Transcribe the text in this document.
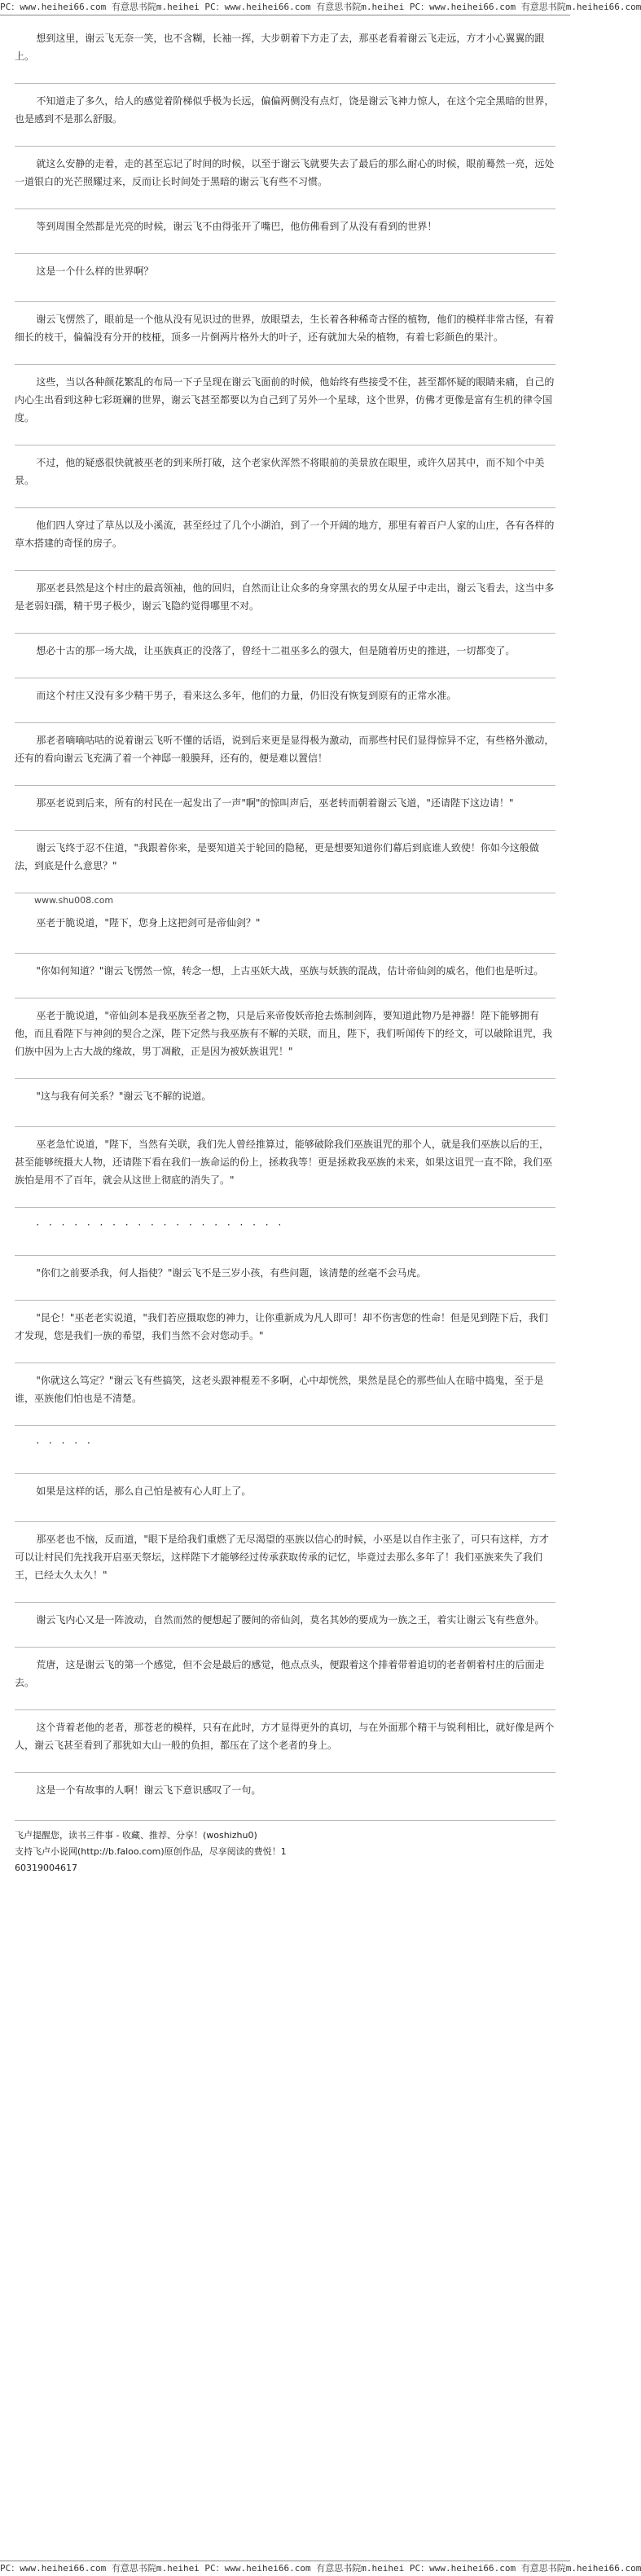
PC：www.heihei66.com 有意思书院m.heihei PC：www.heihei66.com 有意思书院m.heihei PC：www.heihei66.com 有意思书院m.heihei66.com
想到这里，谢云飞无奈一笑，也不含糊，长袖一挥，大步朝着下方走了去，那巫老看着谢云飞走远，方才小心翼翼的跟上。
不知道走了多久，给人的感觉着阶梯似乎极为长远，偏偏两侧没有点灯，饶是谢云飞神力惊人，在这个完全黑暗的世界，也是感到不是那么舒服。
就这么安静的走着，走的甚至忘记了时间的时候，以至于谢云飞就要失去了最后的那么耐心的时候，眼前蓦然一亮，远处一道银白的光芒照耀过来，反而让长时间处于黑暗的谢云飞有些不习惯。
等到周围全然都是光亮的时候，谢云飞不由得张开了嘴巴，他仿佛看到了从没有看到的世界！
这是一个什么样的世界啊？
谢云飞愣然了，眼前是一个他从没有见识过的世界，放眼望去，生长着各种稀奇古怪的植物，他们的模样非常古怪，有着细长的枝干，偏偏没有分开的枝桠，顶多一片倒两片格外大的叶子，还有就加大朵的植物，有着七彩颜色的果汁。
这些，当以各种颜花繁乱的布局一下子呈现在谢云飞面前的时候，他始终有些接受不住，甚至都怀疑的眼睛来痛，自己的内心生出看到这种七彩斑斓的世界，谢云飞甚至都要以为自己到了另外一个星球，这个世界，仿佛才更像是富有生机的律令国度。
不过，他的疑惑很快就被巫老的到来所打破，这个老家伙浑然不将眼前的美景放在眼里，或许久居其中，而不知个中美景。
他们四人穿过了草丛以及小溪流，甚至经过了几个小湖泊，到了一个开阔的地方，那里有着百户人家的山庄，各有各样的草木搭建的奇怪的房子。
那巫老县然是这个村庄的最高领袖，他的回归，自然而让让众多的身穿黑衣的男女从屋子中走出，谢云飞看去，这当中多是老弱妇孺，精干男子极少，谢云飞隐约觉得哪里不对。
想必十古的那一场大战，让巫族真正的没落了，曾经十二祖巫多么的强大，但是随着历史的推进，一切都变了。
而这个村庄又没有多少精干男子，看来这么多年，他们的力量，仍旧没有恢复到原有的正常水准。
那老者嘀嘀咕咕的说着谢云飞听不懂的话语，说到后来更是显得极为激动，而那些村民们显得惊异不定，有些格外激动，还有的看向谢云飞充满了着一个神邸一般膜拜，还有的，便是难以置信！
那巫老说到后来，所有的村民在一起发出了一声"啊"的惊叫声后，巫老转而朝着谢云飞道，"还请陛下这边请！"
谢云飞终于忍不住道，"我跟着你来，是要知道关于轮回的隐秘，更是想要知道你们幕后到底谁人致使！你如今这般做法，到底是什么意思？"
www.shu008.com
巫老于脆说道，"陛下，您身上这把剑可是帝仙剑？"
"你如何知道？"谢云飞愣然一惊，转念一想，上古巫妖大战，巫族与妖族的混战，估计帝仙剑的威名，他们也是听过。
巫老于脆说道，"帝仙剑本是我巫族至者之物，只是后来帝俊妖帝抢去炼制剑阵，要知道此物乃是神器！陛下能够拥有他，而且看陛下与神剑的契合之深，陛下定然与我巫族有不解的关联，而且，陛下，我们听闻传下的经文，可以破除诅咒，我们族中因为上古大战的缘故，男丁凋敝，正是因为被妖族诅咒！"
"这与我有何关系？"谢云飞不解的说道。
巫老急忙说道，"陛下，当然有关联，我们先人曾经推算过，能够破除我们巫族诅咒的那个人，就是我们巫族以后的王，甚至能够统摄大人物，还请陛下看在我们一族命运的份上，拯救我等！更是拯救我巫族的未来，如果这诅咒一直不除，我们巫族怕是用不了百年，就会从这世上彻底的消失了。"
· · · · · · · · · · · · · · · · · · · ·
"你们之前要杀我，何人指使？"谢云飞不是三岁小孩，有些问题，该清楚的丝毫不会马虎。
"昆仑！"巫老老实说道，"我们若应摄取您的神力，让你重新成为凡人即可！却不伤害您的性命！但是见到陛下后，我们才发现，您是我们一族的希望，我们当然不会对您动手。"
"你就这么笃定？"谢云飞有些搞笑，这老头跟神棍差不多啊，心中却恍然，果然是昆仑的那些仙人在暗中捣鬼，至于是谁，巫族他们怕也是不清楚。
· · · · ·
如果是这样的话，那么自己怕是被有心人盯上了。
那巫老也不恼，反而道，"眼下是给我们重燃了无尽渴望的巫族以信心的时候，小巫是以自作主张了，可只有这样，方才可以让村民们先找我开启巫天祭坛，这样陛下才能够经过传承获取传承的记忆，毕竟过去那么多年了！我们巫族来失了我们王，已经太久太久！"
谢云飞内心又是一阵波动，自然而然的便想起了腰间的帝仙剑，莫名其妙的要成为一族之王，着实让谢云飞有些意外。
荒唐，这是谢云飞的第一个感觉，但不会是最后的感觉，他点点头，便跟着这个排着带着追切的老者朝着村庄的后面走去。
这个背着老他的老者，那苍老的模样，只有在此时，方才显得更外的真切，与在外面那个精干与锐利相比，就好像是两个人，谢云飞甚至看到了那犹如大山一般的负担，都压在了这个老者的身上。
这是一个有故事的人啊！谢云飞下意识感叹了一句。
飞卢提醒您，读书三件事 - 收藏、推荐、分享！(woshizhu0)
支持飞卢小说网(http://b.faloo.com)原创作品，尽享阅读的费悦！1
60319004617
PC：www.heihei66.com 有意思书院m.heihei PC：www.heihei66.com 有意思书院m.heihei PC：www.heihei66.com 有意思书院m.heihei66.com
